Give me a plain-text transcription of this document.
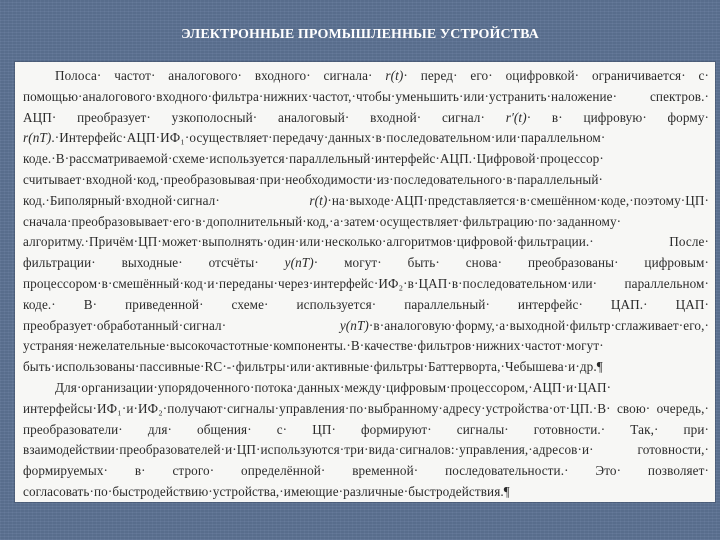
ЭЛЕКТРОННЫЕ ПРОМЫШЛЕННЫЕ УСТРОЙСТВА

Полоса· частот· аналогового· входного· сигнала· r(t)· перед· его· оцифровкой· ограничивается· с· помощью·аналогового·входного·фильтра·нижних·частот,·чтобы·уменьшить·или·устранить·наложение· спектров.· АЦП· преобразует· узкополосный· аналоговый· входной· сигнал· r′(t)· в· цифровую· форму· r(nT).·Интерфейс·АЦП·ИФ₁·осуществляет·передачу·данных·в·последовательном·или·параллельном· коде.·В·рассматриваемой·схеме·используется·параллельный·интерфейс·АЦП.·Цифровой·процессор· считывает·входной·код,·преобразовывая·при·необходимости·из·последовательного·в·параллельный· код.·Биполярный·входной·сигнал· r(t)·на·выходе·АЦП·представляется·в·смешённом·коде,·поэтому·ЦП· сначала·преобразовывает·его·в·дополнительный·код,·а·затем·осуществляет·фильтрацию·по·заданному· алгоритму.·Причём·ЦП·может·выполнять·один·или·несколько·алгоритмов·цифровой·фильтрации.· После· фильтрации· выходные· отсчёты· y(nT)· могут· быть· снова· преобразованы· цифровым· процессором·в·смешённый·код·и·переданы·через·интерфейс·ИФ₂·в·ЦАП·в·последовательном·или· параллельном· коде.· В· приведенной· схеме· используется· параллельный· интерфейс· ЦАП.· ЦАП· преобразует·обработанный·сигнал· y(nT)·в·аналоговую·форму,·а·выходной·фильтр·сглаживает·его,· устраняя·нежелательные·высокочастотные·компоненты.·В·качестве·фильтров·нижних·частот·могут· быть·использованы·пассивные·RC·-·фильтры·или·активные·фильтры·Баттерворта,·Чебышева·и·др.¶

Для·организации·упорядоченного·потока·данных·между·цифровым·процессором,·АЦП·и·ЦАП· интерфейсы·ИФ₁·и·ИФ₂·получают·сигналы·управления·по·выбранному·адресу·устройства·от·ЦП.·В· свою· очередь,· преобразователи· для· общения· с· ЦП· формируют· сигналы· готовности.· Так,· при· взаимодействии·преобразователей·и·ЦП·используются·три·вида·сигналов:·управления,·адресов·и· готовности,· формируемых· в· строго· определённой· временной· последовательности.· Это· позволяет· согласовать·по·быстродействию·устройства,·имеющие·различные·быстродействия.¶
